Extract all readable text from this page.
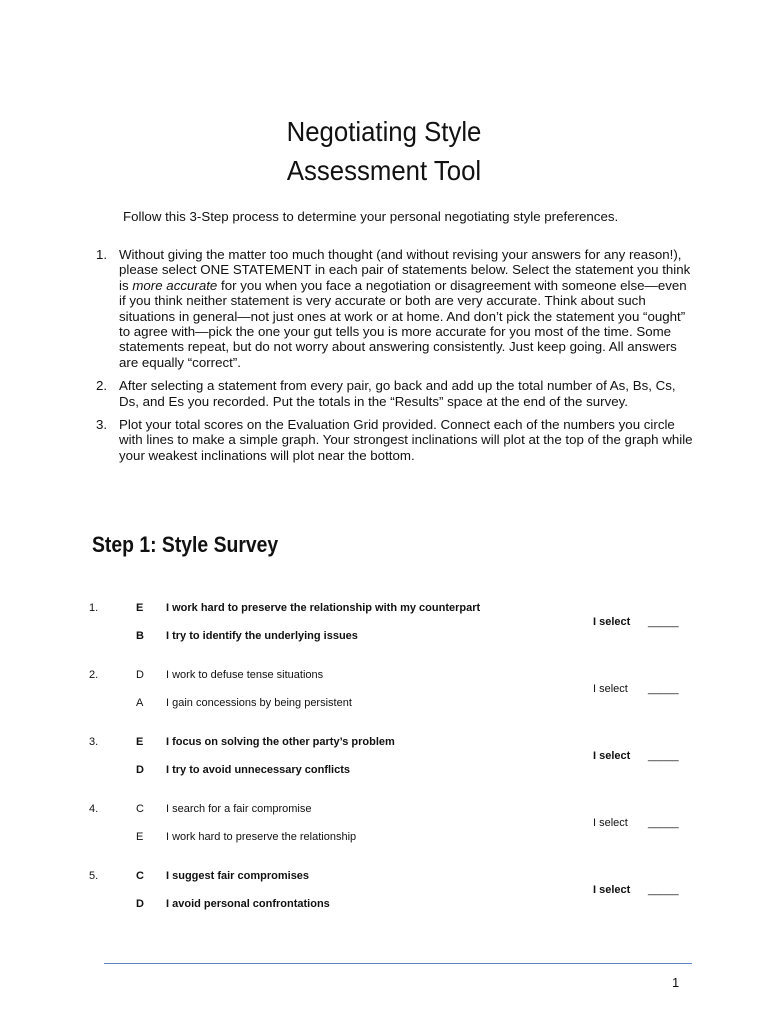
Negotiating Style
Assessment Tool
Follow this 3-Step process to determine your personal negotiating style preferences.
1. Without giving the matter too much thought (and without revising your answers for any reason!), please select ONE STATEMENT in each pair of statements below. Select the statement you think is more accurate for you when you face a negotiation or disagreement with someone else—even if you think neither statement is very accurate or both are very accurate. Think about such situations in general—not just ones at work or at home. And don’t pick the statement you “ought” to agree with—pick the one your gut tells you is more accurate for you most of the time. Some statements repeat, but do not worry about answering consistently. Just keep going. All answers are equally “correct”.
2. After selecting a statement from every pair, go back and add up the total number of As, Bs, Cs, Ds, and Es you recorded. Put the totals in the “Results” space at the end of the survey.
3. Plot your total scores on the Evaluation Grid provided. Connect each of the numbers you circle with lines to make a simple graph. Your strongest inclinations will plot at the top of the graph while your weakest inclinations will plot near the bottom.
Step 1: Style Survey
1.	E I work hard to preserve the relationship with my counterpart
B I try to identify the underlying issues
I select _____
2.	D I work to defuse tense situations
A I gain concessions by being persistent
I select _____
3.	E I focus on solving the other party’s problem
D I try to avoid unnecessary conflicts
I select _____
4.	C I search for a fair compromise
E I work hard to preserve the relationship
I select _____
5.	C I suggest fair compromises
D I avoid personal confrontations
I select _____
1
